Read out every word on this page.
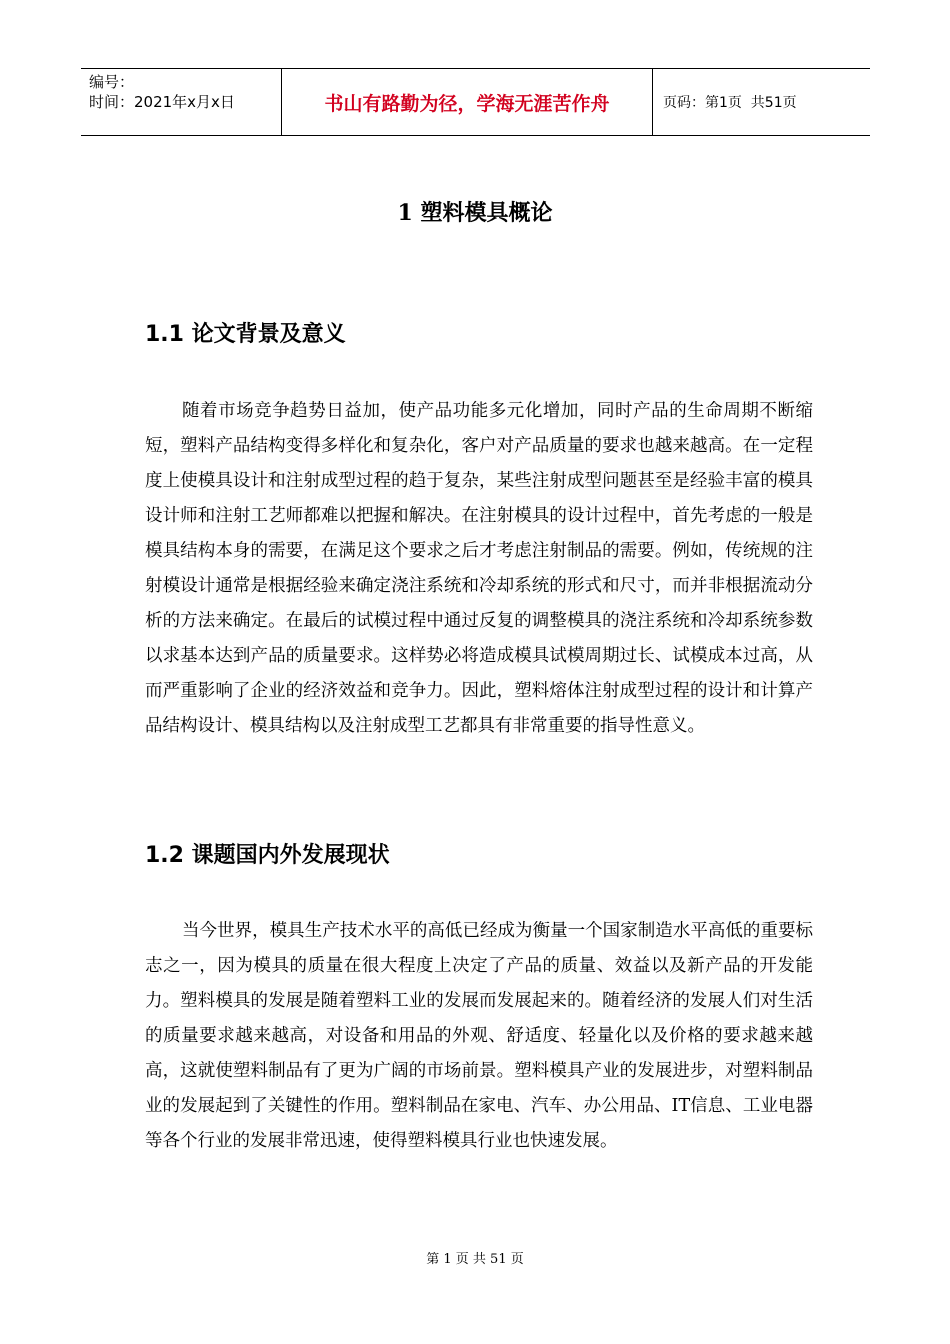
编号：
时间：2021年x月x日	书山有路勤为径，学海无涯苦作舟	页码：第1页  共51页
1 塑料模具概论
1.1 论文背景及意义

随着市场竞争趋势日益加，使产品功能多元化增加，同时产品的生命周期不断缩短，塑料产品结构变得多样化和复杂化，客户对产品质量的要求也越来越高。在一定程度上使模具设计和注射成型过程的趋于复杂，某些注射成型问题甚至是经验丰富的模具设计师和注射工艺师都难以把握和解决。在注射模具的设计过程中，首先考虑的一般是模具结构本身的需要，在满足这个要求之后才考虑注射制品的需要。例如，传统规的注射模设计通常是根据经验来确定浇注系统和冷却系统的形式和尺寸，而并非根据流动分析的方法来确定。在最后的试模过程中通过反复的调整模具的浇注系统和冷却系统参数以求基本达到产品的质量要求。这样势必将造成模具试模周期过长、试模成本过高，从而严重影响了企业的经济效益和竞争力。因此，塑料熔体注射成型过程的设计和计算产品结构设计、模具结构以及注射成型工艺都具有非常重要的指导性意义。

1.2 课题国内外发展现状

当今世界，模具生产技术水平的高低已经成为衡量一个国家制造水平高低的重要标志之一，因为模具的质量在很大程度上决定了产品的质量、效益以及新产品的开发能力。塑料模具的发展是随着塑料工业的发展而发展起来的。随着经济的发展人们对生活的质量要求越来越高，对设备和用品的外观、舒适度、轻量化以及价格的要求越来越高，这就使塑料制品有了更为广阔的市场前景。塑料模具产业的发展进步，对塑料制品业的发展起到了关键性的作用。塑料制品在家电、汽车、办公用品、IT信息、工业电器等各个行业的发展非常迅速，使得塑料模具行业也快速发展。

第 1 页 共 51 页
